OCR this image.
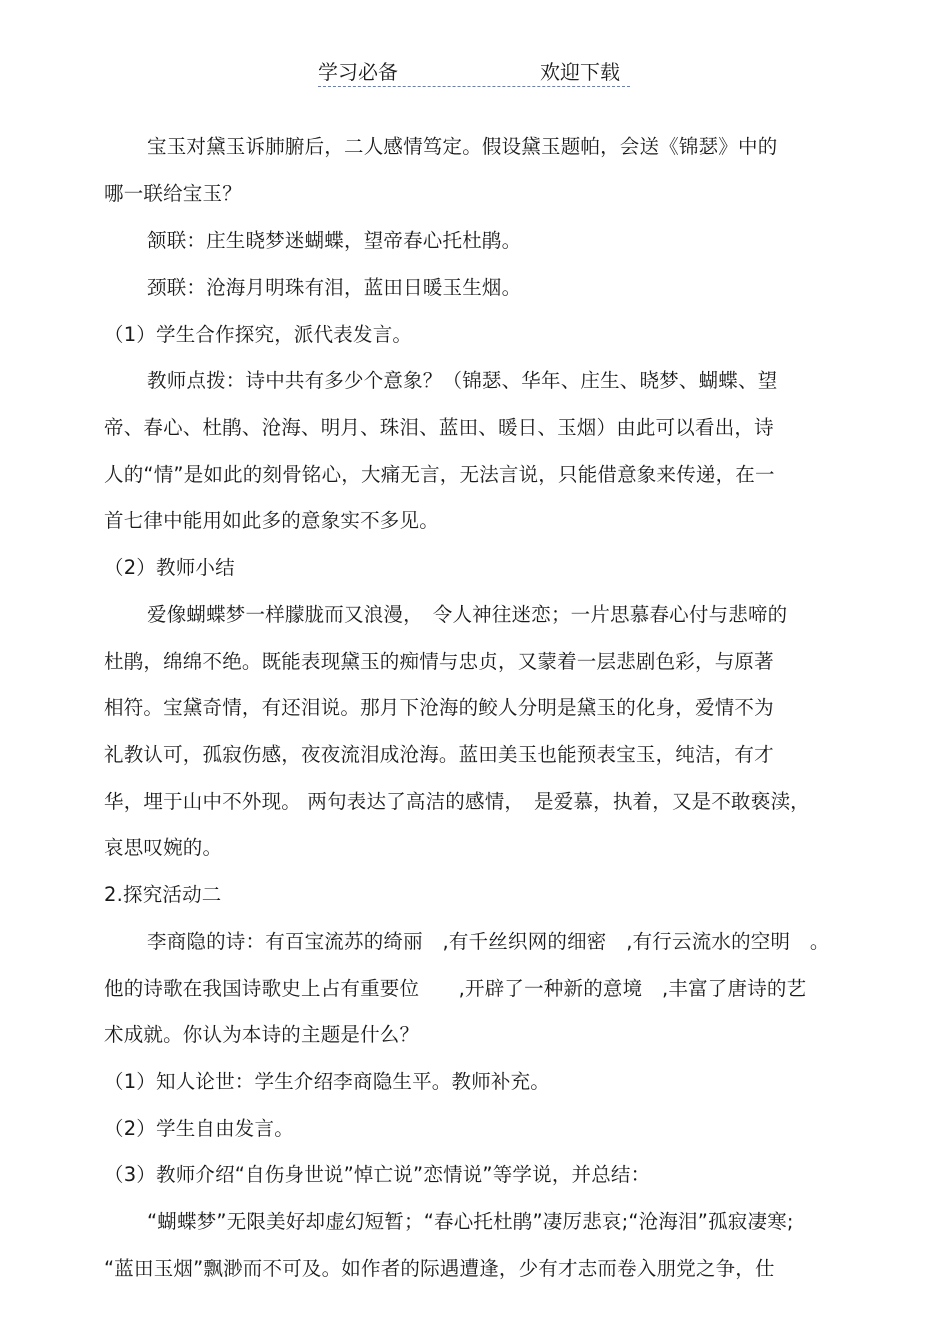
学习必备	欢迎下载
宝玉对黛玉诉肺腑后，二人感情笃定。假设黛玉题帕，会送《锦瑟》中的
哪一联给宝玉？
颔联：庄生晓梦迷蝴蝶，望帝春心托杜鹃。
颈联：沧海月明珠有泪，蓝田日暖玉生烟。
（1）学生合作探究，派代表发言。
教师点拨：诗中共有多少个意象？（锦瑟、华年、庄生、晓梦、蝴蝶、望
帝、春心、杜鹃、沧海、明月、珠泪、蓝田、暖日、玉烟）由此可以看出，诗
人的“情”是如此的刻骨铭心，大痛无言，无法言说，只能借意象来传递，在一
首七律中能用如此多的意象实不多见。
（2）教师小结
爱像蝴蝶梦一样朦胧而又浪漫，　令人神往迷恋；一片思慕春心付与悲啼的
杜鹃，绵绵不绝。既能表现黛玉的痴情与忠贞，又蒙着一层悲剧色彩，与原著
相符。宝黛奇情，有还泪说。那月下沧海的鲛人分明是黛玉的化身，爱情不为
礼教认可，孤寂伤感，夜夜流泪成沧海。蓝田美玉也能预表宝玉，纯洁，有才
华，埋于山中不外现。 两句表达了高洁的感情，　是爱慕，执着，又是不敢亵渎，
哀思叹婉的。
2.探究活动二
李商隐的诗：有百宝流苏的绮丽　,有千丝织网的细密　,有行云流水的空明　。
他的诗歌在我国诗歌史上占有重要位　　,开辟了一种新的意境　,丰富了唐诗的艺
术成就。你认为本诗的主题是什么？
（1）知人论世：学生介绍李商隐生平。教师补充。
（2）学生自由发言。
（3）教师介绍“自伤身世说”悼亡说”恋情说”等学说，并总结：
“蝴蝶梦”无限美好却虚幻短暂；“春心托杜鹃”凄厉悲哀;“沧海泪”孤寂凄寒;
“蓝田玉烟”飘渺而不可及。如作者的际遇遭逢，少有才志而卷入朋党之争，仕
